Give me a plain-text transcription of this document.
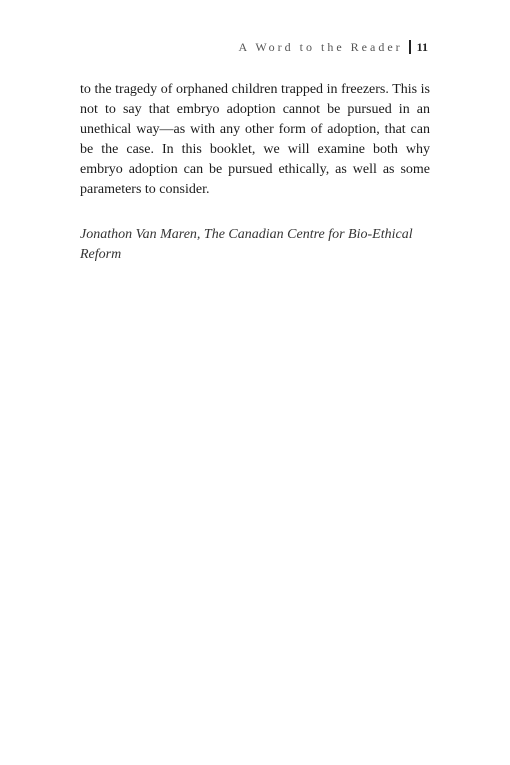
A Word to the Reader 11

to the tragedy of orphaned children trapped in freezers. This is not to say that embryo adoption cannot be pursued in an unethical way—as with any other form of adoption, that can be the case. In this booklet, we will examine both why embryo adoption can be pursued ethically, as well as some parameters to consider.

Jonathon Van Maren, The Canadian Centre for Bio-Ethical Reform
